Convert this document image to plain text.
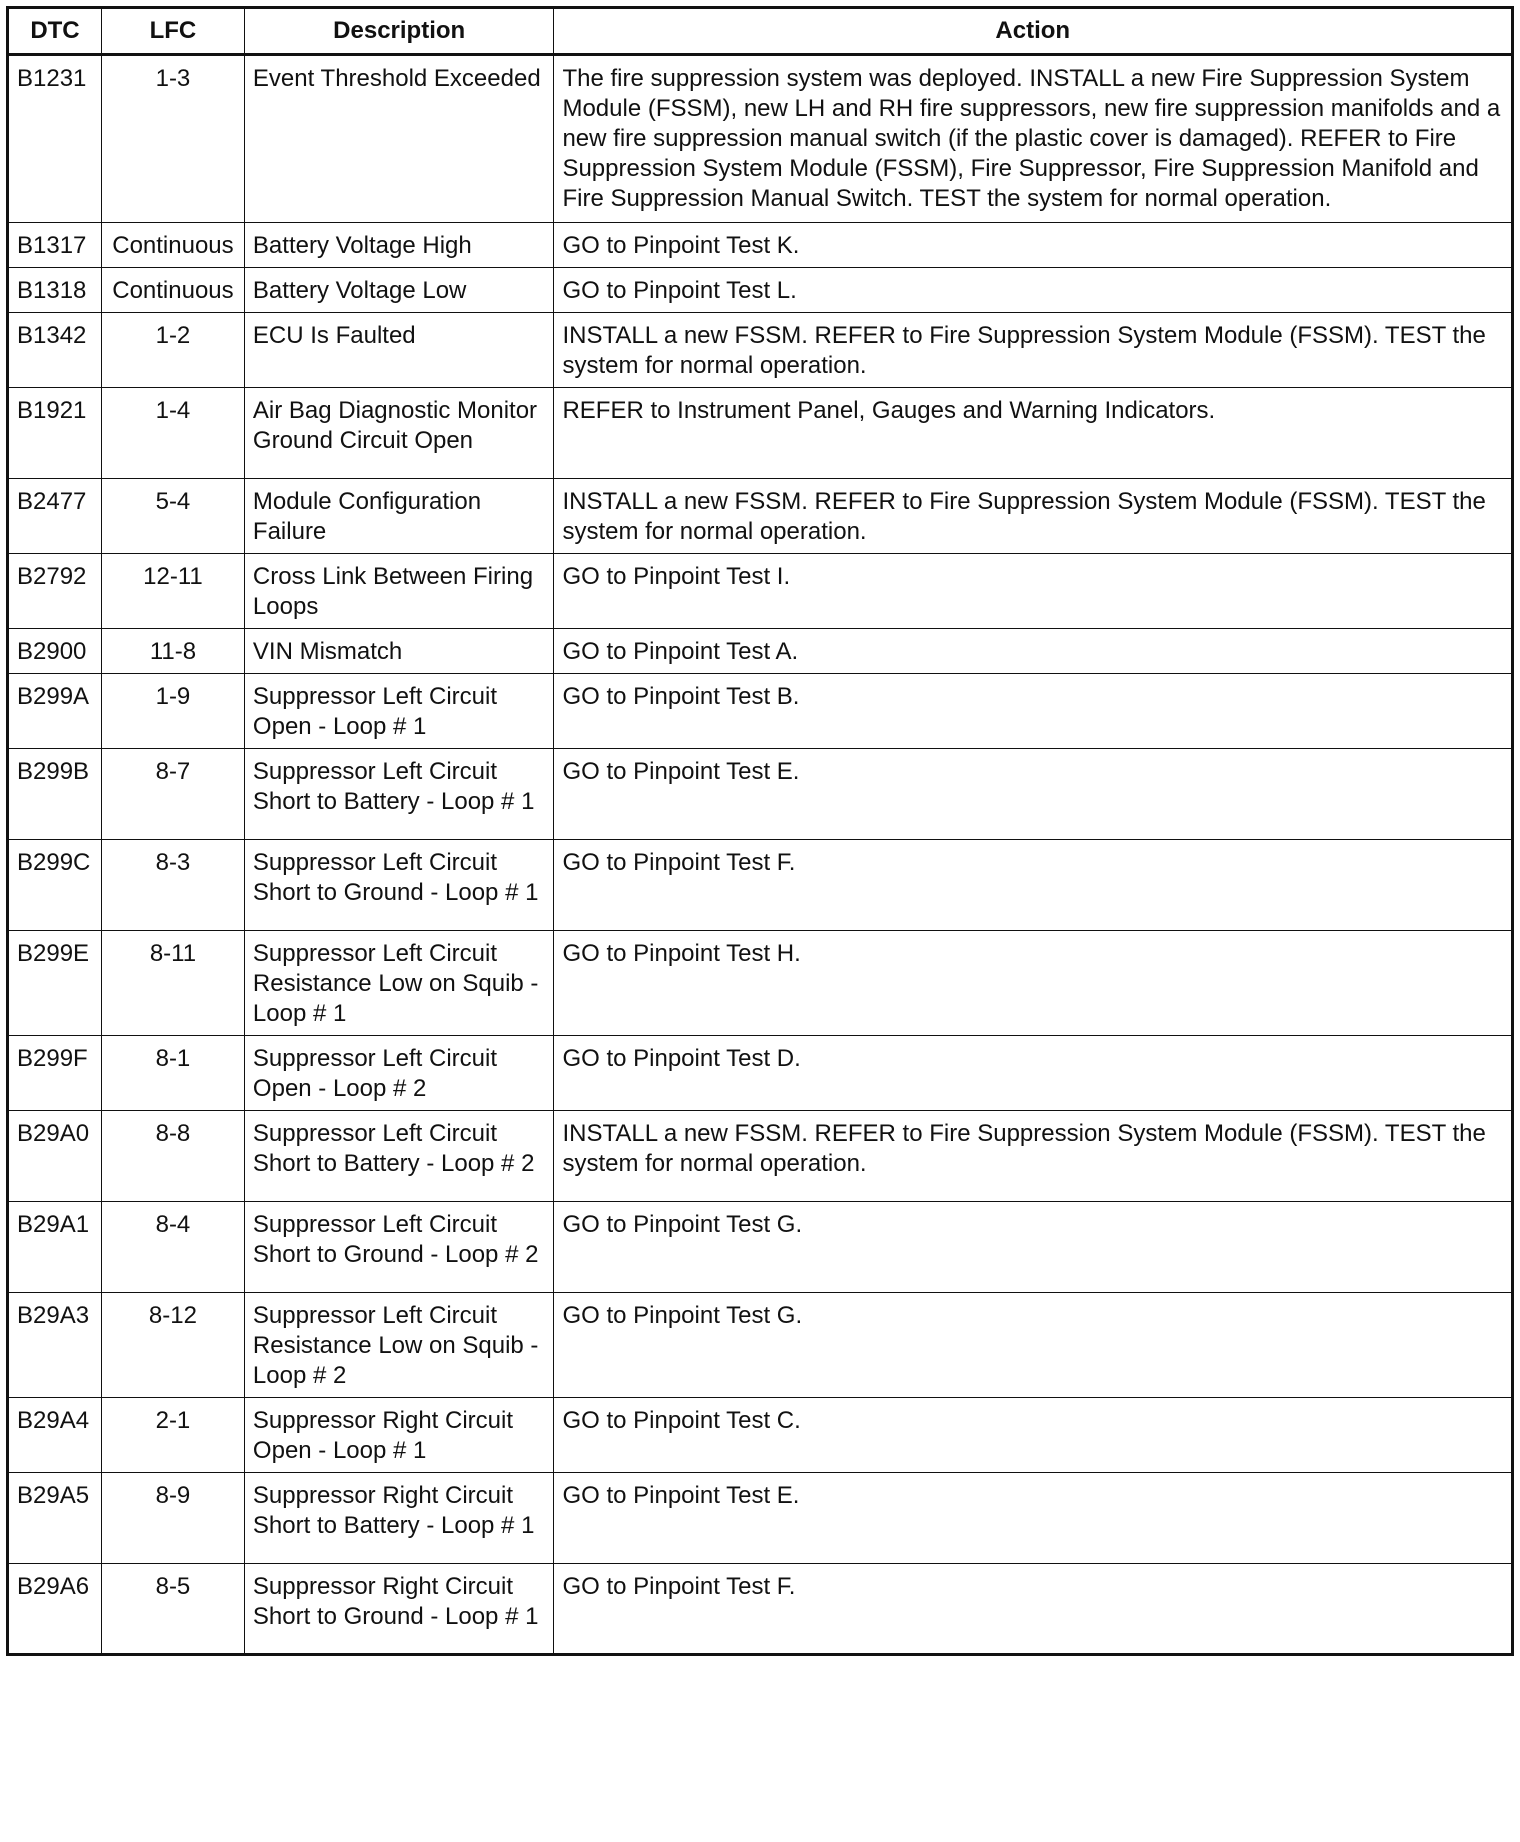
DTC	LFC	Description	Action
B1231	1-3	Event Threshold Exceeded	The fire suppression system was deployed. INSTALL a new Fire Suppression System Module (FSSM), new LH and RH fire suppressors, new fire suppression manifolds and a new fire suppression manual switch (if the plastic cover is damaged). REFER to Fire Suppression System Module (FSSM), Fire Suppressor, Fire Suppression Manifold and Fire Suppression Manual Switch. TEST the system for normal operation.
B1317	Continuous	Battery Voltage High	GO to Pinpoint Test K.
B1318	Continuous	Battery Voltage Low	GO to Pinpoint Test L.
B1342	1-2	ECU Is Faulted	INSTALL a new FSSM. REFER to Fire Suppression System Module (FSSM). TEST the system for normal operation.
B1921	1-4	Air Bag Diagnostic Monitor Ground Circuit Open	REFER to Instrument Panel, Gauges and Warning Indicators.
B2477	5-4	Module Configuration Failure	INSTALL a new FSSM. REFER to Fire Suppression System Module (FSSM). TEST the system for normal operation.
B2792	12-11	Cross Link Between Firing Loops	GO to Pinpoint Test I.
B2900	11-8	VIN Mismatch	GO to Pinpoint Test A.
B299A	1-9	Suppressor Left Circuit Open - Loop # 1	GO to Pinpoint Test B.
B299B	8-7	Suppressor Left Circuit Short to Battery - Loop # 1	GO to Pinpoint Test E.
B299C	8-3	Suppressor Left Circuit Short to Ground - Loop # 1	GO to Pinpoint Test F.
B299E	8-11	Suppressor Left Circuit Resistance Low on Squib - Loop # 1	GO to Pinpoint Test H.
B299F	8-1	Suppressor Left Circuit Open - Loop # 2	GO to Pinpoint Test D.
B29A0	8-8	Suppressor Left Circuit Short to Battery - Loop # 2	INSTALL a new FSSM. REFER to Fire Suppression System Module (FSSM). TEST the system for normal operation.
B29A1	8-4	Suppressor Left Circuit Short to Ground - Loop # 2	GO to Pinpoint Test G.
B29A3	8-12	Suppressor Left Circuit Resistance Low on Squib - Loop # 2	GO to Pinpoint Test G.
B29A4	2-1	Suppressor Right Circuit Open - Loop # 1	GO to Pinpoint Test C.
B29A5	8-9	Suppressor Right Circuit Short to Battery - Loop # 1	GO to Pinpoint Test E.
B29A6	8-5	Suppressor Right Circuit Short to Ground - Loop # 1	GO to Pinpoint Test F.
